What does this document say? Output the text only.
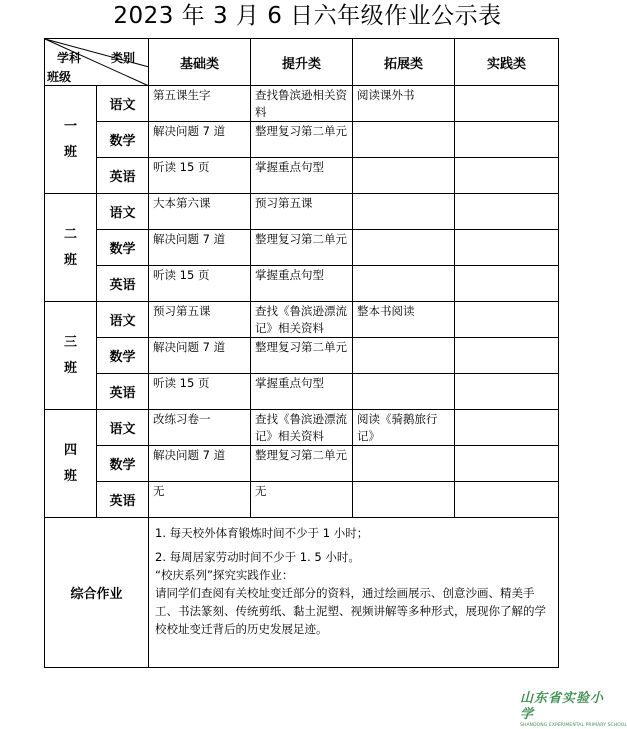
2023 年 3 月 6 日六年级作业公示表
学科 类别
班级		基础类	提升类	拓展类	实践类

一
班	语文	第五课生字	查找鲁滨逊相关资料	阅读课外书	
	数学	解决问题 7 道	整理复习第二单元		
	英语	听读 15 页	掌握重点句型		

二
班	语文	大本第六课	预习第五课		
	数学	解决问题 7 道	整理复习第二单元		
	英语	听读 15 页	掌握重点句型		

三
班	语文	预习第五课	查找《鲁滨逊漂流记》相关资料	整本书阅读	
	数学	解决问题 7 道	整理复习第二单元		
	英语	听读 15 页	掌握重点句型		

四
班	语文	改练习卷一	查找《鲁滨逊漂流记》相关资料	阅读《骑鹅旅行记》	
	数学	解决问题 7 道	整理复习第二单元		
	英语	无	无		
综合作业		1. 每天校外体育锻炼时间不少于 1 小时；

2. 每周居家劳动时间不少于 1. 5 小时。

“校庆系列”探究实践作业：

请同学们查阅有关校址变迁部分的资料，通过绘画展示、创意沙画、精美手工、书法篆刻、传统剪纸、黏土泥塑、视频讲解等多种形式，展现你了解的学校校址变迁背后的历史发展足迹。			

山东省实验小学
SHANDONG EXPERIMENTAL PRIMARY SCHOOL
